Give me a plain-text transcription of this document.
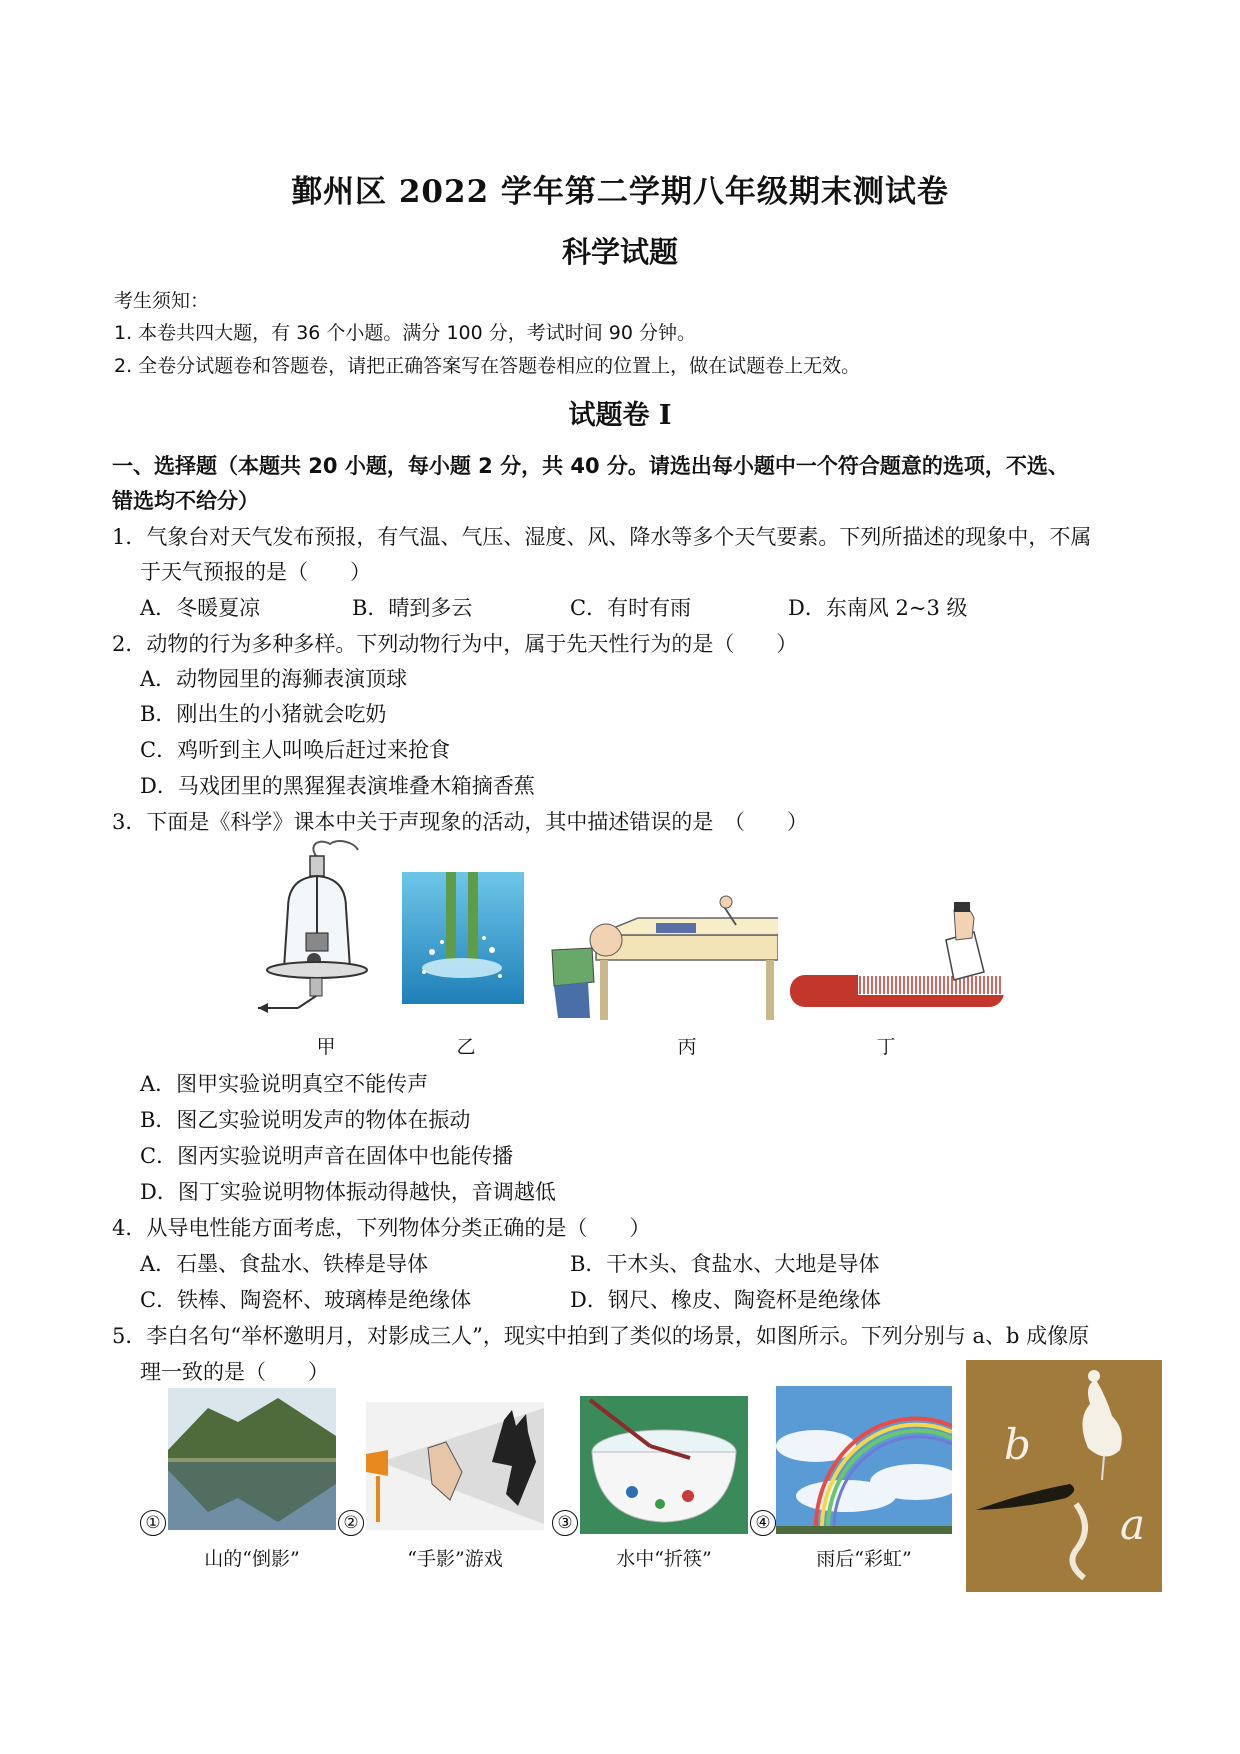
鄞州区 2022 学年第二学期八年级期末测试卷
科学试题
考生须知：
1. 本卷共四大题，有 36 个小题。满分 100 分，考试时间 90 分钟。
2. 全卷分试题卷和答题卷，请把正确答案写在答题卷相应的位置上，做在试题卷上无效。
试题卷 I
一、选择题（本题共 20 小题，每小题 2 分，共 40 分。请选出每小题中一个符合题意的选项，不选、
错选均不给分）
1．气象台对天气发布预报，有气温、气压、湿度、风、降水等多个天气要素。下列所描述的现象中，不属
于天气预报的是（　　）
A．冬暖夏凉	B．晴到多云	C．有时有雨	D．东南风 2~3 级
2．动物的行为多种多样。下列动物行为中，属于先天性行为的是（　　）
A．动物园里的海狮表演顶球
B．刚出生的小猪就会吃奶
C．鸡听到主人叫唤后赶过来抢食
D．马戏团里的黑猩猩表演堆叠木箱摘香蕉
3．下面是《科学》课本中关于声现象的活动，其中描述错误的是　（　　）
甲	乙	丙	丁
A．图甲实验说明真空不能传声
B．图乙实验说明发声的物体在振动
C．图丙实验说明声音在固体中也能传播
D．图丁实验说明物体振动得越快，音调越低
4．从导电性能方面考虑，下列物体分类正确的是（　　）
A．石墨、食盐水、铁棒是导体	B．干木头、食盐水、大地是导体
C．铁棒、陶瓷杯、玻璃棒是绝缘体	D．钢尺、橡皮、陶瓷杯是绝缘体
5．李白名句“举杯邀明月，对影成三人”，现实中拍到了类似的场景，如图所示。下列分别与 a、b 成像原
理一致的是（　　）
b
a
①	②	③	④
山的“倒影”	“手影”游戏	水中“折筷”	雨后“彩虹”
